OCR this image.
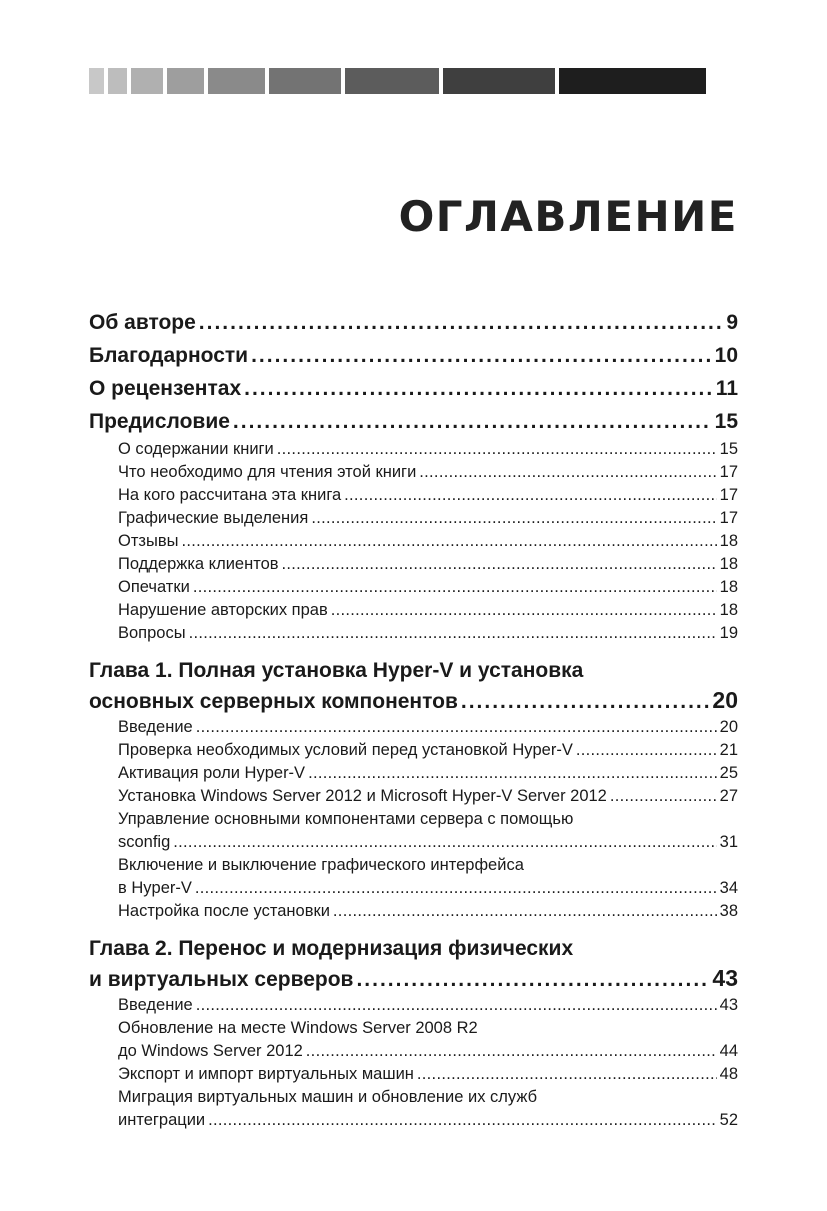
ОГЛАВЛЕНИЕ
Об авторе .....	9
Благодарности .....	10
О рецензентах .....	11
Предисловие .....	15
О содержании книги .....	15
Что необходимо для чтения этой книги .....	17
На кого рассчитана эта книга .....	17
Графические выделения .....	17
Отзывы .....	18
Поддержка клиентов .....	18
Опечатки .....	18
Нарушение авторских прав .....	18
Вопросы .....	19
Глава 1. Полная установка Hyper-V и установка
основных серверных компонентов .....	20
Введение .....	20
Проверка необходимых условий перед установкой Hyper-V .....	21
Активация роли Hyper-V .....	25
Установка Windows Server 2012 и Microsoft Hyper-V Server 2012 .....	27
Управление основными компонентами сервера с помощью
sconfig .....	31
Включение и выключение графического интерфейса
в Hyper-V .....	34
Настройка после установки .....	38
Глава 2. Перенос и модернизация физических
и виртуальных серверов .....	43
Введение .....	43
Обновление на месте Windows Server 2008 R2
до Windows Server 2012 .....	44
Экспорт и импорт виртуальных машин .....	48
Миграция виртуальных машин и обновление их служб
интеграции .....	52
